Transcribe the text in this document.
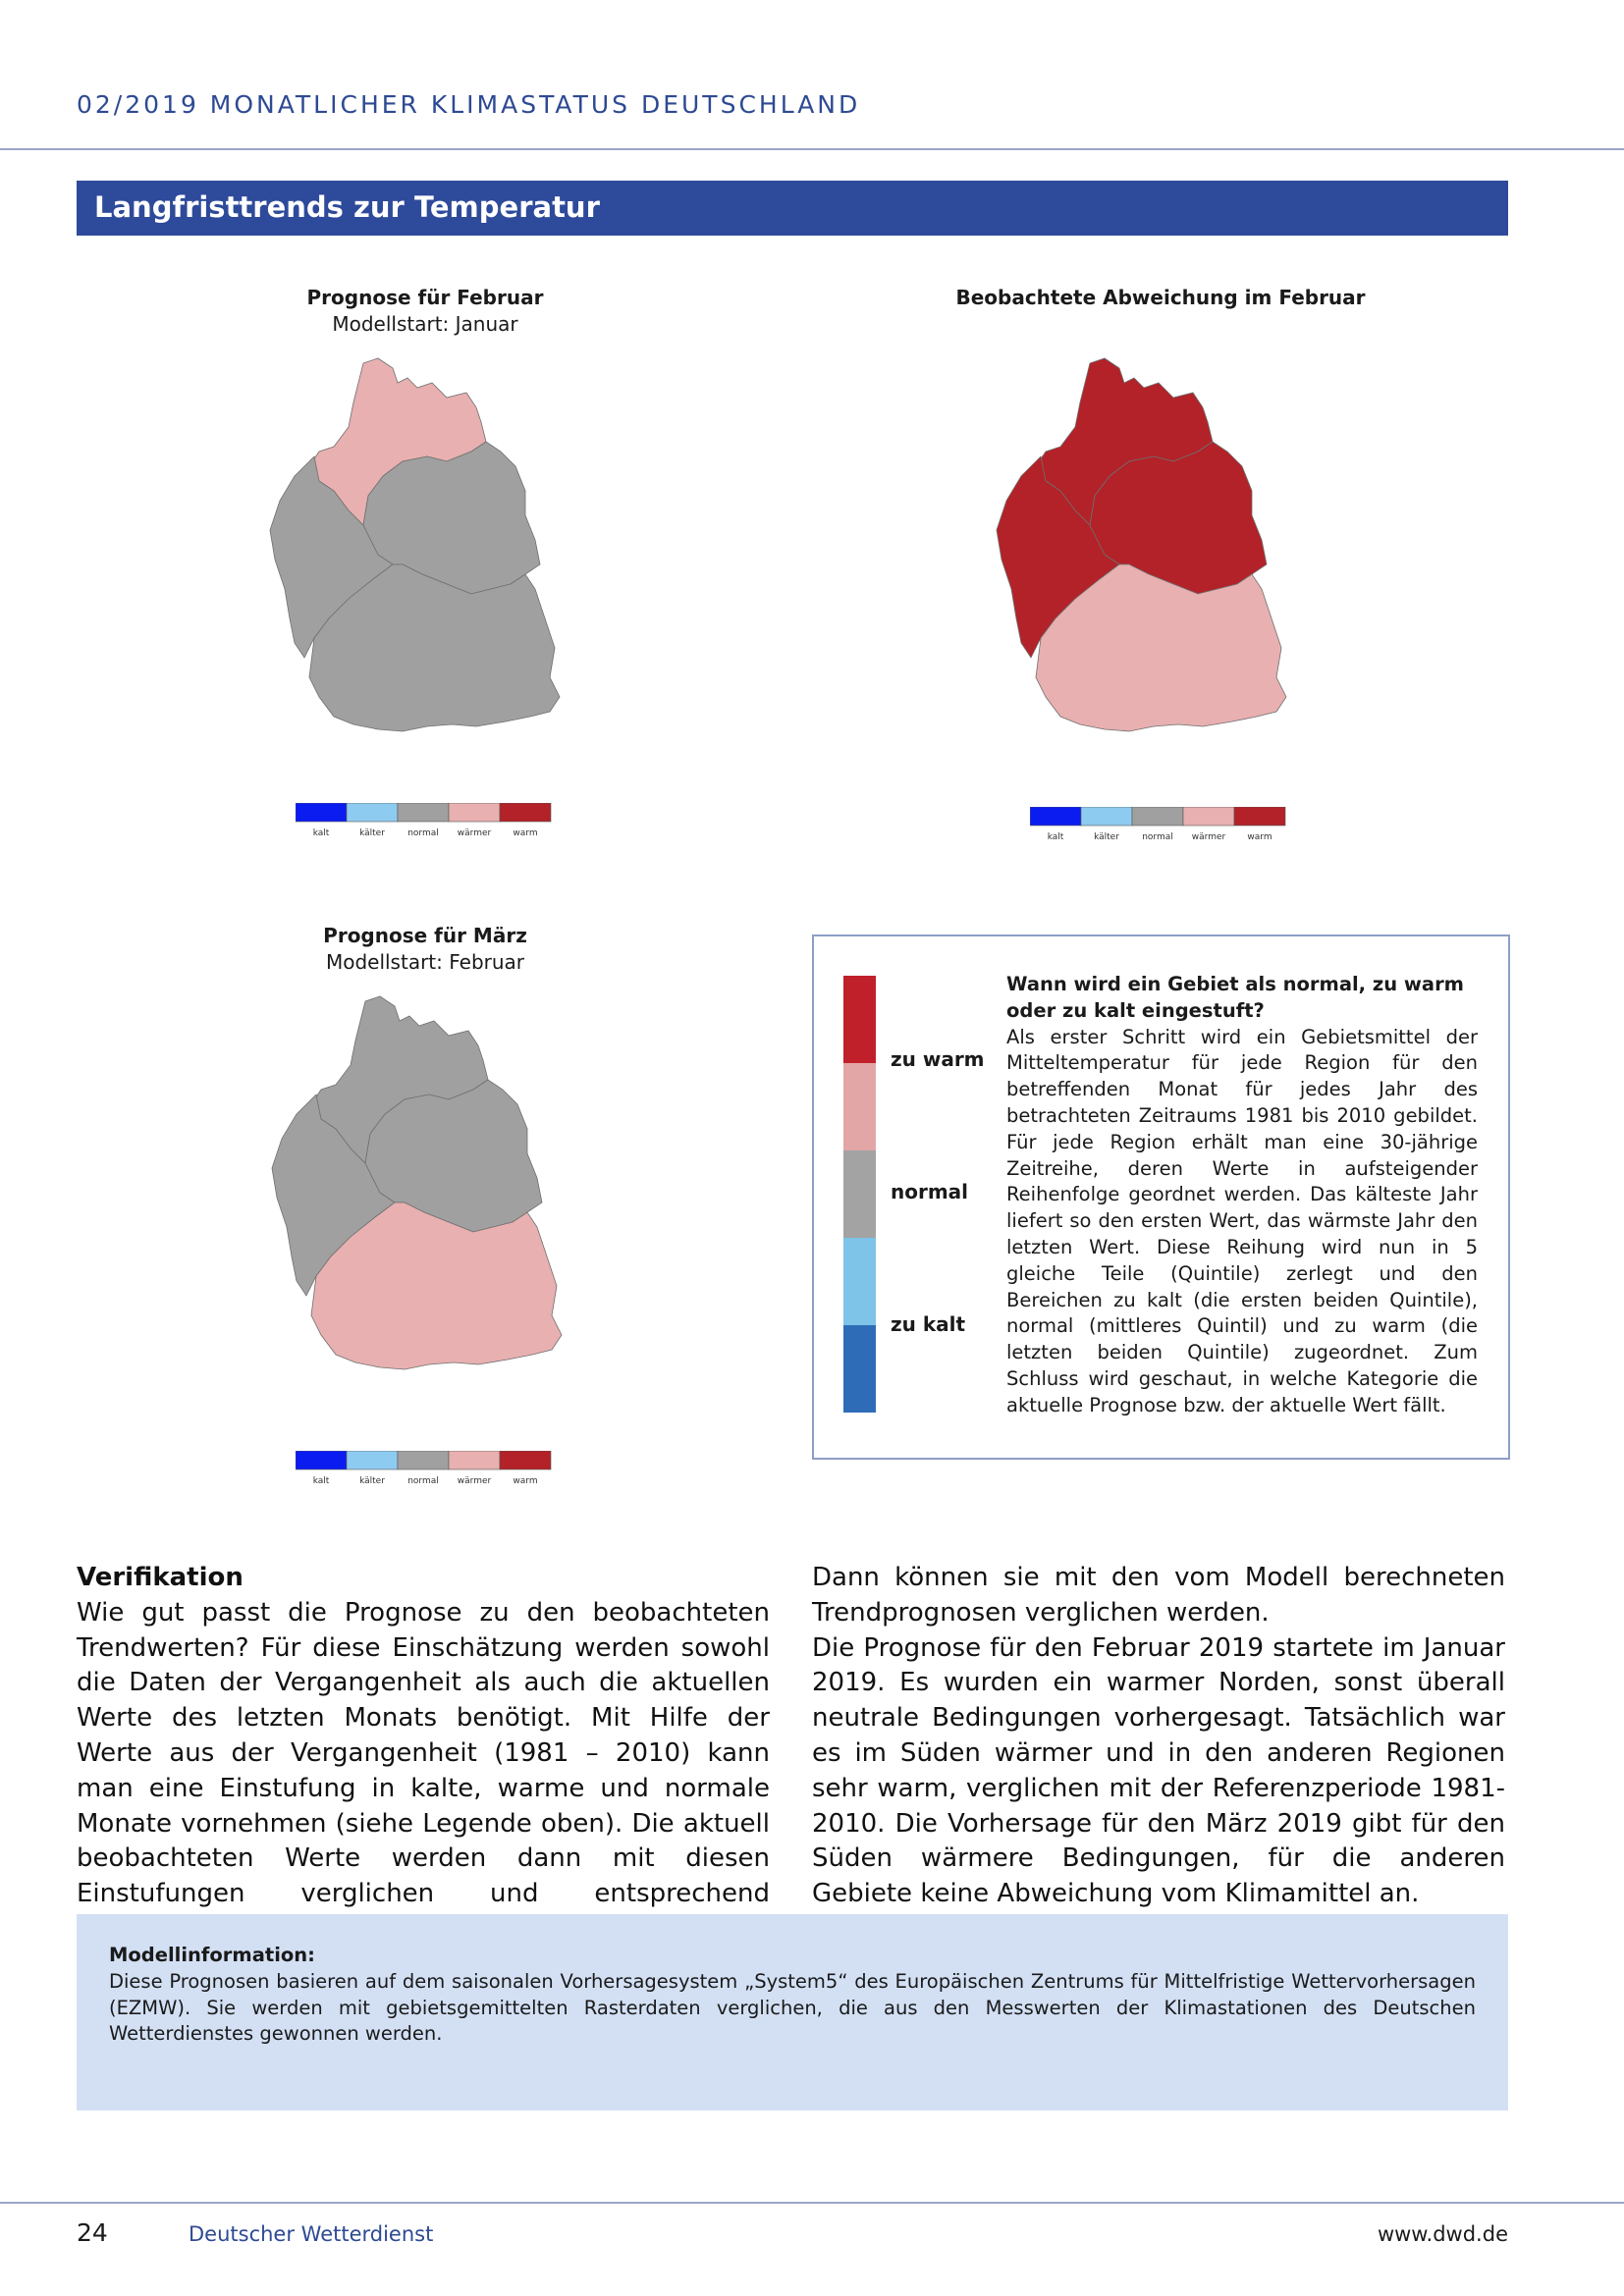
02/2019 MONATLICHER KLIMASTATUS DEUTSCHLAND
Langfristtrends zur Temperatur
Prognose für Februar
Modellstart: Januar
Beobachtete Abweichung im Februar
Prognose für März
Modellstart: Februar
kalt	kälter	normal wärmer warm	kalt	kälter	normal wärmer warm
kalt	kälter	normal wärmer warm
zu warm
normal
zu kalt
Wann wird ein Gebiet als normal, zu warm oder zu kalt eingestuft?
Als erster Schritt wird ein Gebietsmittel der Mitteltemperatur für jede Region für den betreffenden Monat für jedes Jahr des betrachteten Zeitraums 1981 bis 2010 gebildet. Für jede Region erhält man eine 30-jährige Zeitreihe, deren Werte in aufsteigender Reihenfolge geordnet werden. Das kälteste Jahr liefert so den ersten Wert, das wärmste Jahr den letzten Wert. Diese Reihung wird nun in 5 gleiche Teile (Quintile) zerlegt und den Bereichen zu kalt (die ersten beiden Quintile), normal (mittleres Quintil) und zu warm (die letzten beiden Quintile) zugeordnet. Zum Schluss wird geschaut, in welche Kategorie die aktuelle Prognose bzw. der aktuelle Wert fällt.
Verifikation

Wie gut passt die Prognose zu den beobachteten Trendwerten? Für diese Einschätzung werden sowohl die Daten der Vergangenheit als auch die aktuellen Werte des letzten Monats benötigt. Mit Hilfe der Werte aus der Vergangenheit (1981 – 2010) kann man eine Einstufung in kalte, warme und normale Monate vornehmen (siehe Legende oben). Die aktuell beobachteten Werte werden dann mit diesen Einstufungen verglichen und entsprechend

Dann können sie mit den vom Modell berechneten Trendprognosen verglichen werden.

Die Prognose für den Februar 2019 startete im Januar 2019. Es wurden ein warmer Norden, sonst überall neutrale Bedingungen vorhergesagt. Tatsächlich war es im Süden wärmer und in den anderen Regionen sehr warm, verglichen mit der Referenzperiode 1981-2010. Die Vorhersage für den März 2019 gibt für den Süden wärmere Bedingungen, für die anderen Gebiete keine Abweichung vom Klimamittel an.

Modellinformation:
Diese Prognosen basieren auf dem saisonalen Vorhersagesystem „System5“ des Europäischen Zentrums für Mittelfristige Wettervorhersagen (EZMW). Sie werden mit gebietsgemittelten Rasterdaten verglichen, die aus den Messwerten der Klimastationen des Deutschen Wetterdienstes gewonnen werden.
24	Deutscher Wetterdienst	www.dwd.de
